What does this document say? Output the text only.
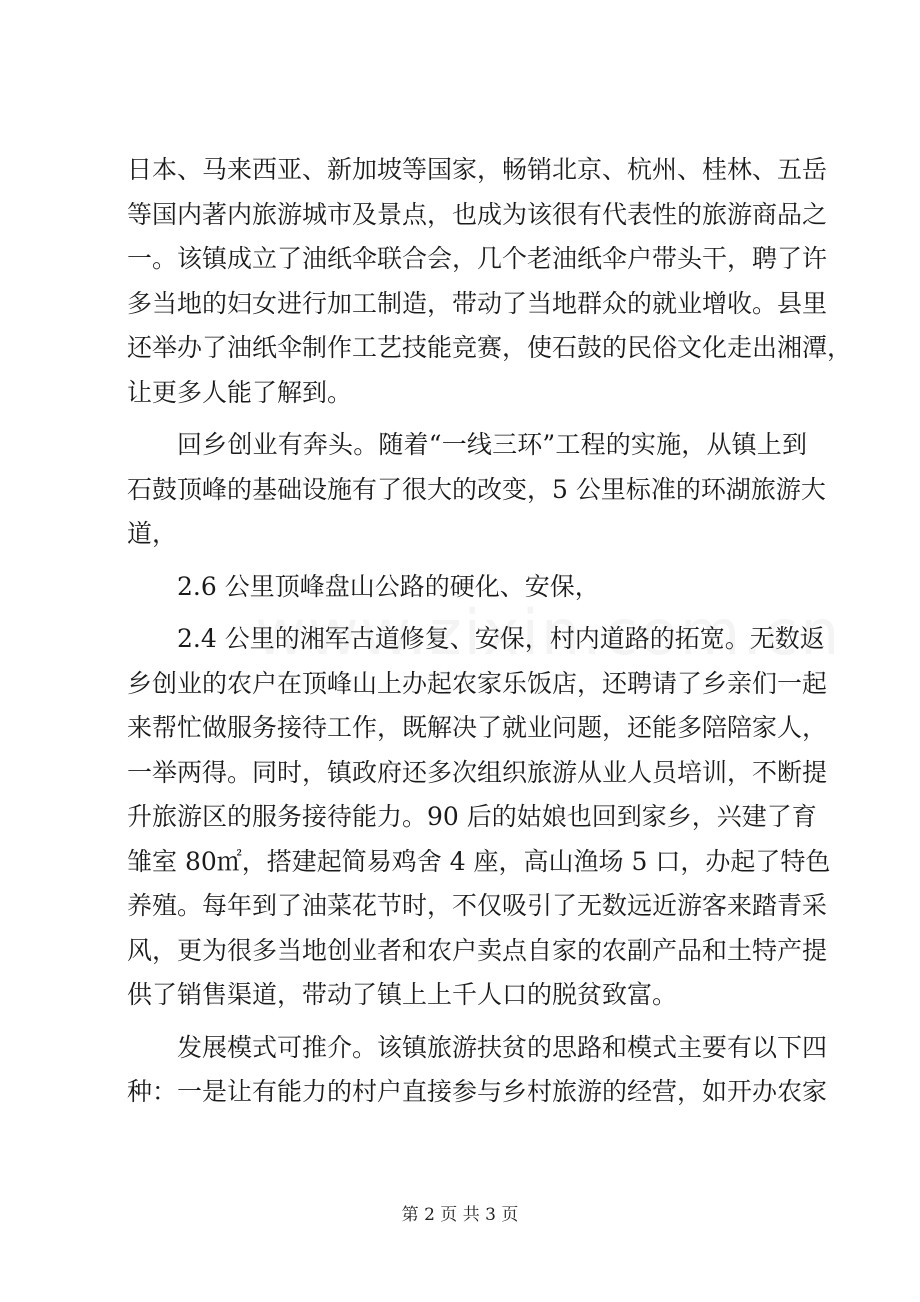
日本、马来西亚、新加坡等国家，畅销北京、杭州、桂林、五岳
等国内著内旅游城市及景点，也成为该很有代表性的旅游商品之
一。该镇成立了油纸伞联合会，几个老油纸伞户带头干，聘了许
多当地的妇女进行加工制造，带动了当地群众的就业增收。县里
还举办了油纸伞制作工艺技能竞赛，使石鼓的民俗文化走出湘潭，
让更多人能了解到。
回乡创业有奔头。随着“一线三环”工程的实施，从镇上到
石鼓顶峰的基础设施有了很大的改变，5 公里标准的环湖旅游大
道，
2.6 公里顶峰盘山公路的硬化、安保，
2.4 公里的湘军古道修复、安保，村内道路的拓宽。无数返
乡创业的农户在顶峰山上办起农家乐饭店，还聘请了乡亲们一起
来帮忙做服务接待工作，既解决了就业问题，还能多陪陪家人，
一举两得。同时，镇政府还多次组织旅游从业人员培训，不断提
升旅游区的服务接待能力。90 后的姑娘也回到家乡，兴建了育
雏室 80㎡，搭建起简易鸡舍 4 座，高山渔场 5 口，办起了特色
养殖。每年到了油菜花节时，不仅吸引了无数远近游客来踏青采
风，更为很多当地创业者和农户卖点自家的农副产品和土特产提
供了销售渠道，带动了镇上上千人口的脱贫致富。
发展模式可推介。该镇旅游扶贫的思路和模式主要有以下四
种：一是让有能力的村户直接参与乡村旅游的经营，如开办农家
第 2 页 共 3 页
